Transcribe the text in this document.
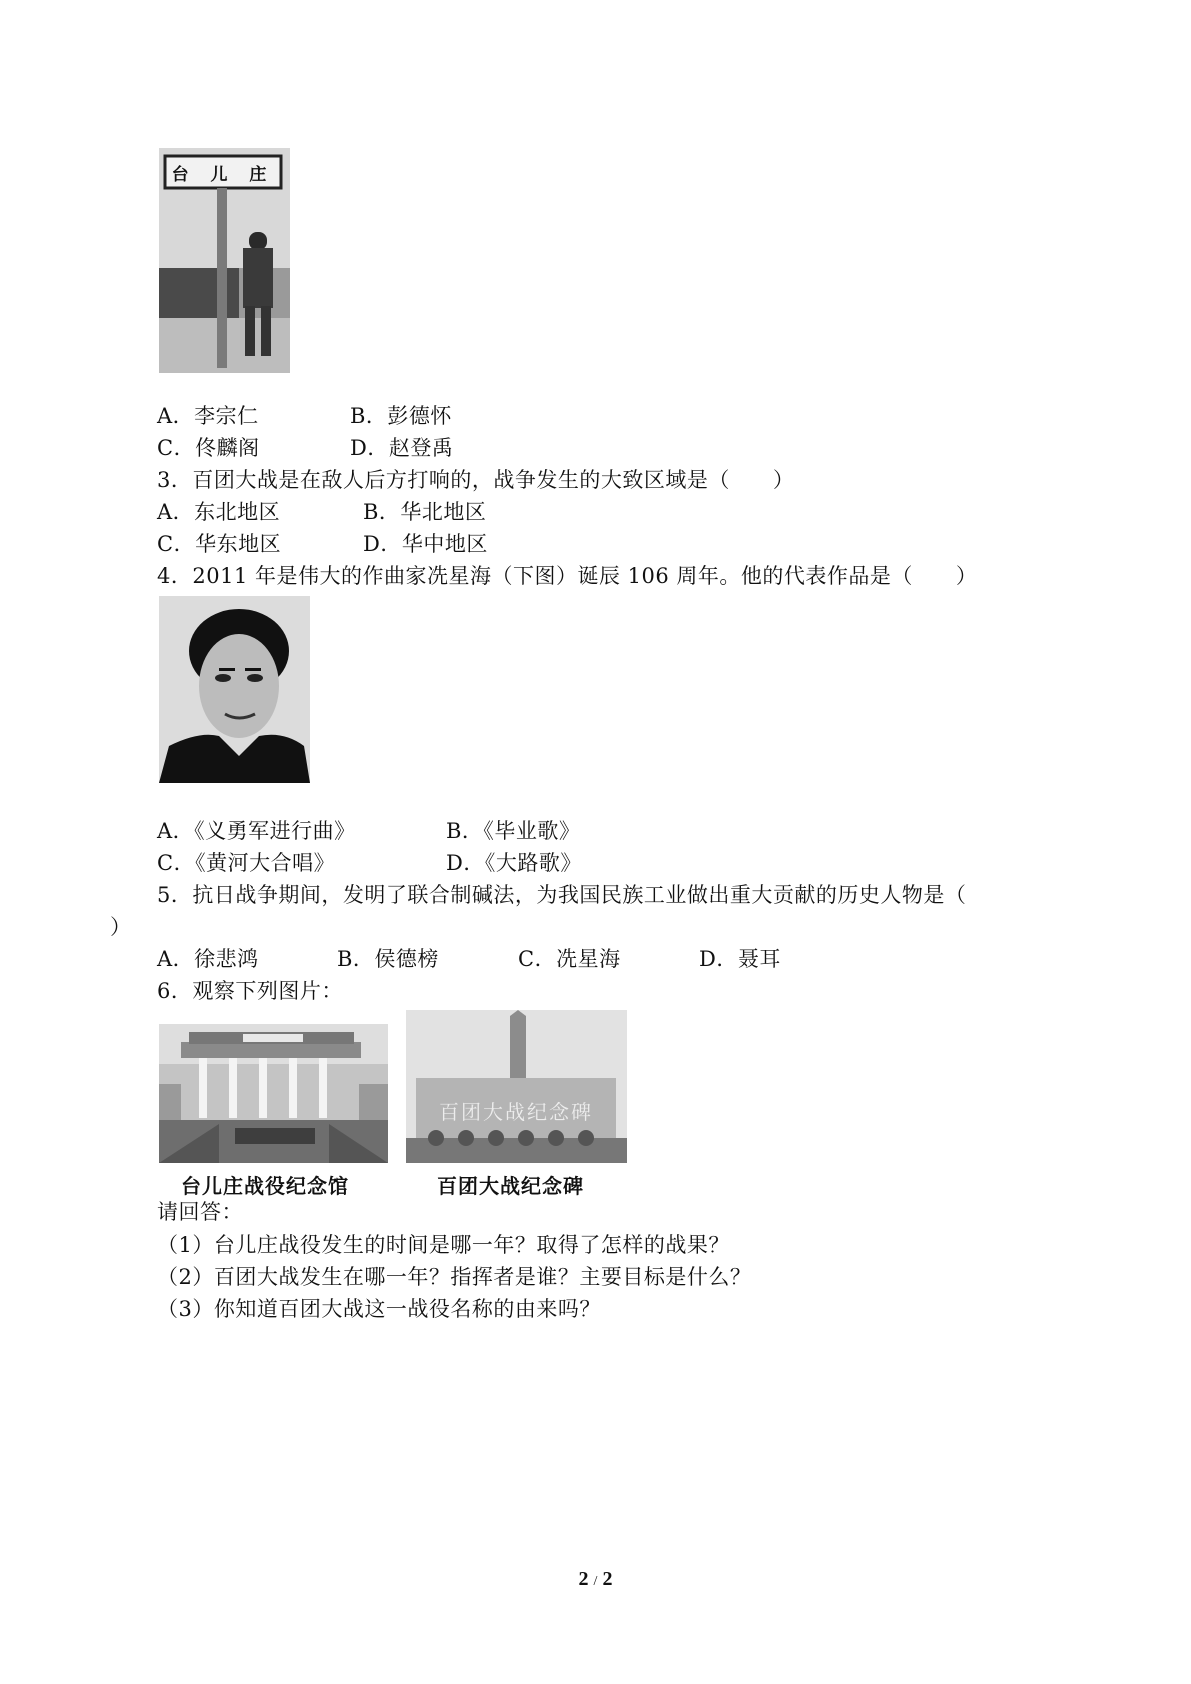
台 儿 庄

A．李宗仁

	B．彭德怀

C．佟麟阁

	D．赵登禹

3．百团大战是在敌人后方打响的，战争发生的大致区域是（　　）

A．东北地区

	B．华北地区

C．华东地区

	D．华中地区

4．2011 年是伟大的作曲家冼星海（下图）诞辰 106 周年。他的代表作品是（　　）

A．《义勇军进行曲》

	B．《毕业歌》

C．《黄河大合唱》

	D．《大路歌》

5．抗日战争期间，发明了联合制碱法，为我国民族工业做出重大贡献的历史人物是（
）

A．徐悲鸿

	B．侯德榜

	C．冼星海

	D．聂耳

6．观察下列图片：
百团大战纪念碑
台儿庄战役纪念馆	百团大战纪念碑
请回答：
（1）台儿庄战役发生的时间是哪一年？取得了怎样的战果？
（2）百团大战发生在哪一年？指挥者是谁？主要目标是什么？
（3）你知道百团大战这一战役名称的由来吗？
2 / 2
